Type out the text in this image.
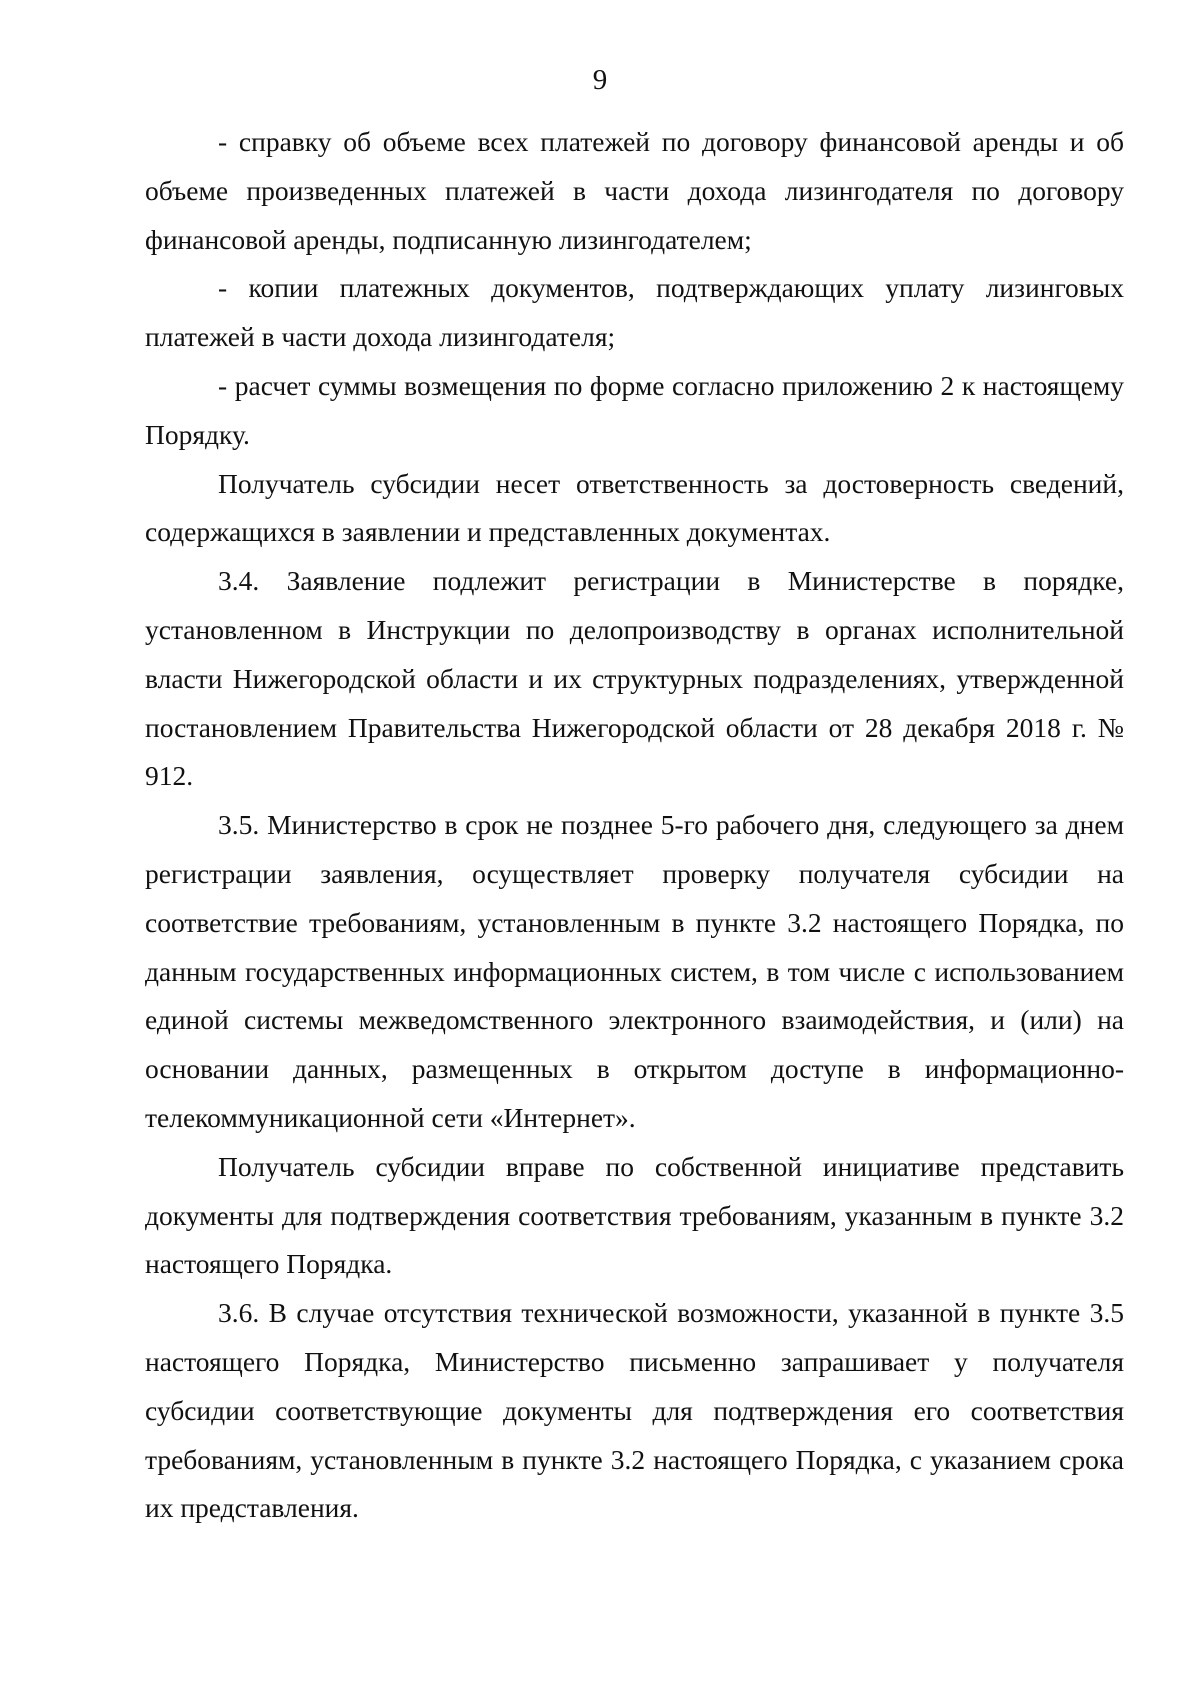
9

- справку об объеме всех платежей по договору финансовой аренды и об объеме произведенных платежей в части дохода лизингодателя по договору финансовой аренды, подписанную лизингодателем;

- копии платежных документов, подтверждающих уплату лизинговых платежей в части дохода лизингодателя;

- расчет суммы возмещения по форме согласно приложению 2 к настоящему Порядку.

Получатель субсидии несет ответственность за достоверность сведений, содержащихся в заявлении и представленных документах.

3.4. Заявление подлежит регистрации в Министерстве в порядке, установленном в Инструкции по делопроизводству в органах исполнительной власти Нижегородской области и их структурных подразделениях, утвержденной постановлением Правительства Нижегородской области от 28 декабря 2018 г. № 912.

3.5. Министерство в срок не позднее 5-го рабочего дня, следующего за днем регистрации заявления, осуществляет проверку получателя субсидии на соответствие требованиям, установленным в пункте 3.2 настоящего Порядка, по данным государственных информационных систем, в том числе с использованием единой системы межведомственного электронного взаимодействия, и (или) на основании данных, размещенных в открытом доступе в информационно-телекоммуникационной сети «Интернет».

Получатель субсидии вправе по собственной инициативе представить документы для подтверждения соответствия требованиям, указанным в пункте 3.2 настоящего Порядка.

3.6. В случае отсутствия технической возможности, указанной в пункте 3.5 настоящего Порядка, Министерство письменно запрашивает у получателя субсидии соответствующие документы для подтверждения его соответствия требованиям, установленным в пункте 3.2 настоящего Порядка, с указанием срока их представления.
